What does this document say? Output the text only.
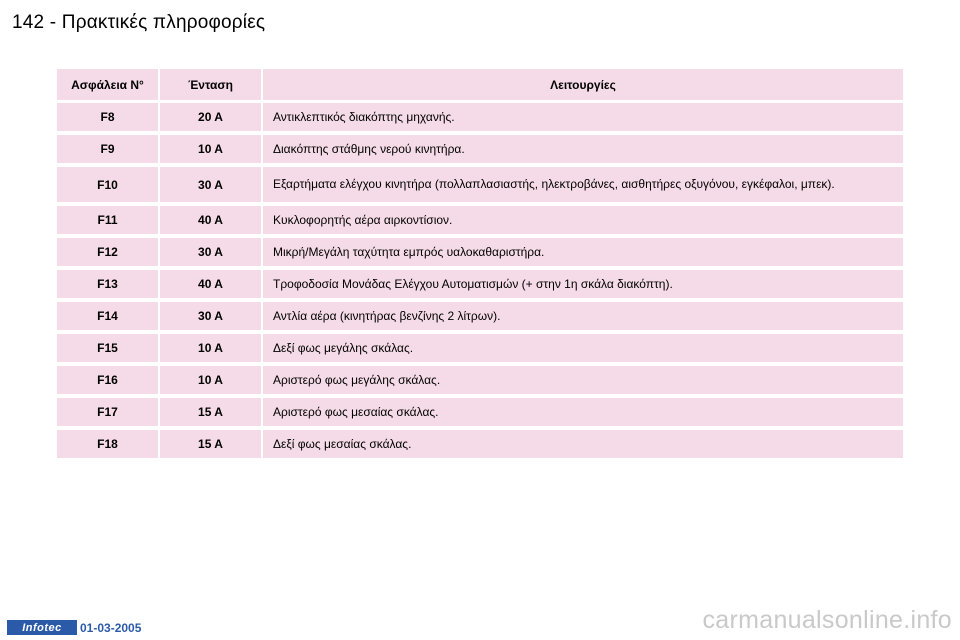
142 - Πρακτικές πληροφορίες
Ασφάλεια N°	Ένταση	Λειτουργίες
F8	20 A	Αντικλεπτικός διακόπτης μηχανής.
F9	10 A	Διακόπτης στάθμης νερού κινητήρα.
F10	30 A	Εξαρτήματα ελέγχου κινητήρα (πολλαπλασιαστής, ηλεκτροβάνες, αισθητήρες οξυγόνου, εγκέφαλοι, μπεκ).
F11	40 A	Κυκλοφορητής αέρα αιρκοντίσιον.
F12	30 A	Μικρή/Μεγάλη ταχύτητα εμπρός υαλοκαθαριστήρα.
F13	40 A	Τροφοδοσία Μονάδας Ελέγχου Αυτοματισμών (+ στην 1η σκάλα διακόπτη).
F14	30 A	Αντλία αέρα (κινητήρας βενζίνης 2 λίτρων).
F15	10 A	Δεξί φως μεγάλης σκάλας.
F16	10 A	Αριστερό φως μεγάλης σκάλας.
F17	15 A	Αριστερό φως μεσαίας σκάλας.
F18	15 A	Δεξί φως μεσαίας σκάλας.
Infotec	01-03-2005	carmanualsonline.info
